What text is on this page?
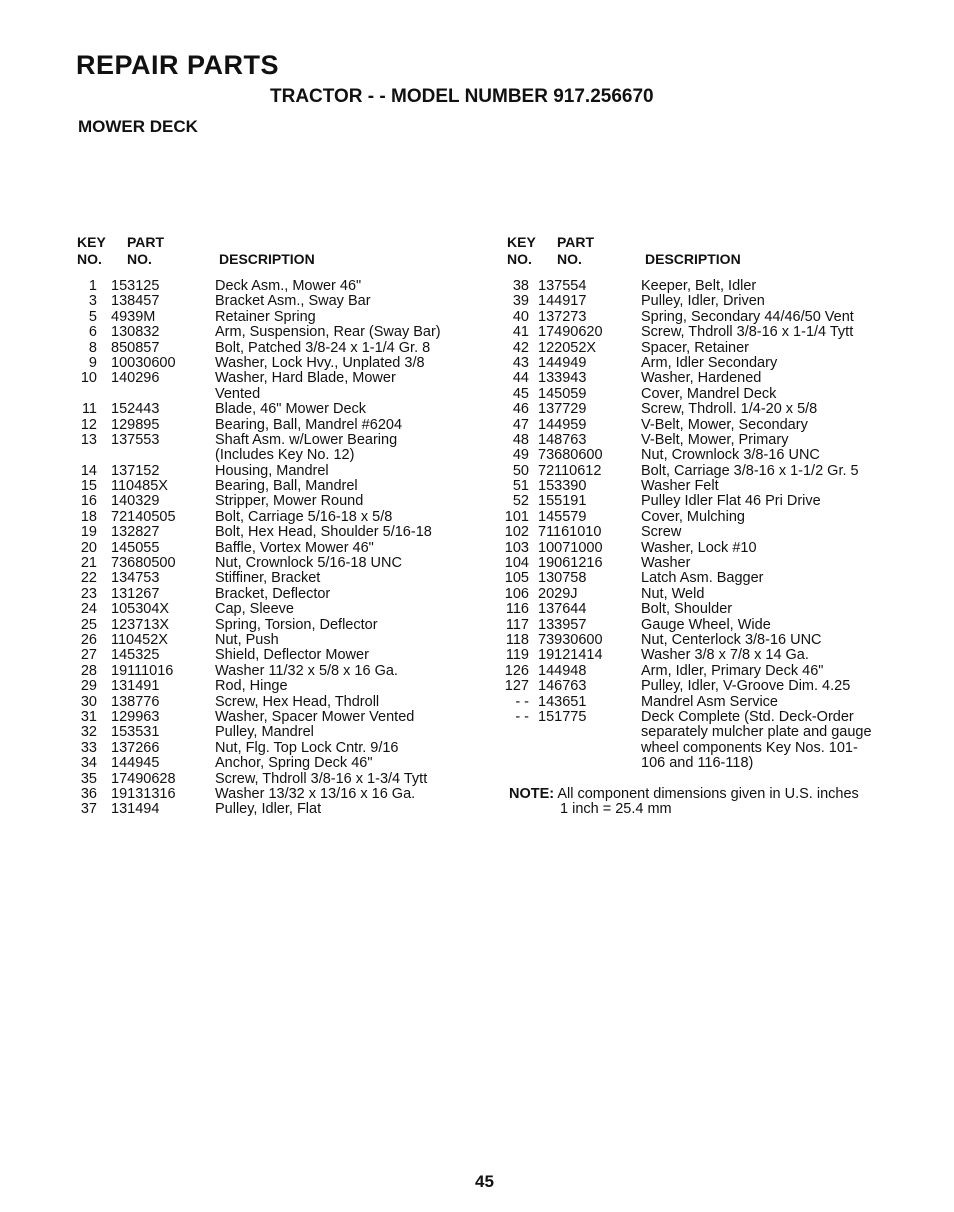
REPAIR PARTS
TRACTOR - - MODEL NUMBER 917.256670
MOWER DECK
KEY
NO.
PART
NO.	DESCRIPTION
KEY
NO.
PART
NO.	DESCRIPTION
1 153125	Deck Asm., Mower 46"
3 138457	Bracket Asm., Sway Bar
5 4939M	Retainer Spring
6 130832	Arm, Suspension, Rear (Sway Bar)
8 850857	Bolt, Patched 3/8-24 x 1-1/4 Gr. 8
9 10030600	Washer, Lock Hvy., Unplated 3/8
10 140296	Washer, Hard Blade, Mower
Vented
11 152443	Blade, 46" Mower Deck
12 129895	Bearing, Ball, Mandrel #6204
13 137553	Shaft Asm. w/Lower Bearing
(Includes Key No. 12)
14 137152	Housing, Mandrel
15 110485X	Bearing, Ball, Mandrel
16 140329	Stripper, Mower Round
18 72140505	Bolt, Carriage 5/16-18 x 5/8
19 132827	Bolt, Hex Head, Shoulder 5/16-18
20 145055	Baffle, Vortex Mower 46"
21 73680500	Nut, Crownlock 5/16-18 UNC
22 134753	Stiffiner, Bracket
23 131267	Bracket, Deflector
24 105304X	Cap, Sleeve
25 123713X	Spring, Torsion, Deflector
26 110452X	Nut, Push
27 145325	Shield, Deflector Mower
28 19111016	Washer 11/32 x 5/8 x 16 Ga.
29 131491	Rod, Hinge
30 138776	Screw, Hex Head, Thdroll
31 129963	Washer, Spacer Mower Vented
32 153531	Pulley, Mandrel
33 137266	Nut, Flg. Top Lock Cntr. 9/16
34 144945	Anchor, Spring Deck 46"
35 17490628	Screw, Thdroll 3/8-16 x 1-3/4 Tytt
36 19131316	Washer 13/32 x 13/16 x 16 Ga.
37 131494	Pulley, Idler, Flat
38 137554	Keeper, Belt, Idler
39 144917	Pulley, Idler, Driven
40 137273	Spring, Secondary 44/46/50 Vent
41 17490620	Screw, Thdroll 3/8-16 x 1-1/4 Tytt
42 122052X	Spacer, Retainer
43 144949	Arm, Idler Secondary
44 133943	Washer, Hardened
45 145059	Cover, Mandrel Deck
46 137729	Screw, Thdroll. 1/4-20 x 5/8
47 144959	V-Belt, Mower, Secondary
48 148763	V-Belt, Mower, Primary
49 73680600	Nut, Crownlock 3/8-16 UNC
50 72110612	Bolt, Carriage 3/8-16 x 1-1/2 Gr. 5
51 153390	Washer Felt
52 155191	Pulley Idler Flat 46 Pri Drive
101 145579	Cover, Mulching
102 71161010	Screw
103 10071000	Washer, Lock #10
104 19061216	Washer
105 130758	Latch Asm. Bagger
106 2029J	Nut, Weld
116 137644	Bolt, Shoulder
117 133957	Gauge Wheel, Wide
118 73930600	Nut, Centerlock 3/8-16 UNC
119 19121414	Washer 3/8 x 7/8 x 14 Ga.
126 144948	Arm, Idler, Primary Deck 46"
127 146763	Pulley, Idler, V-Groove Dim. 4.25
- - 143651	Mandrel Asm Service
- - 151775	Deck Complete (Std. Deck-Order
separately mulcher plate and gauge
wheel components Key Nos. 101-
106 and 116-118)
NOTE: All component dimensions given in U.S. inches
1 inch = 25.4 mm
45
